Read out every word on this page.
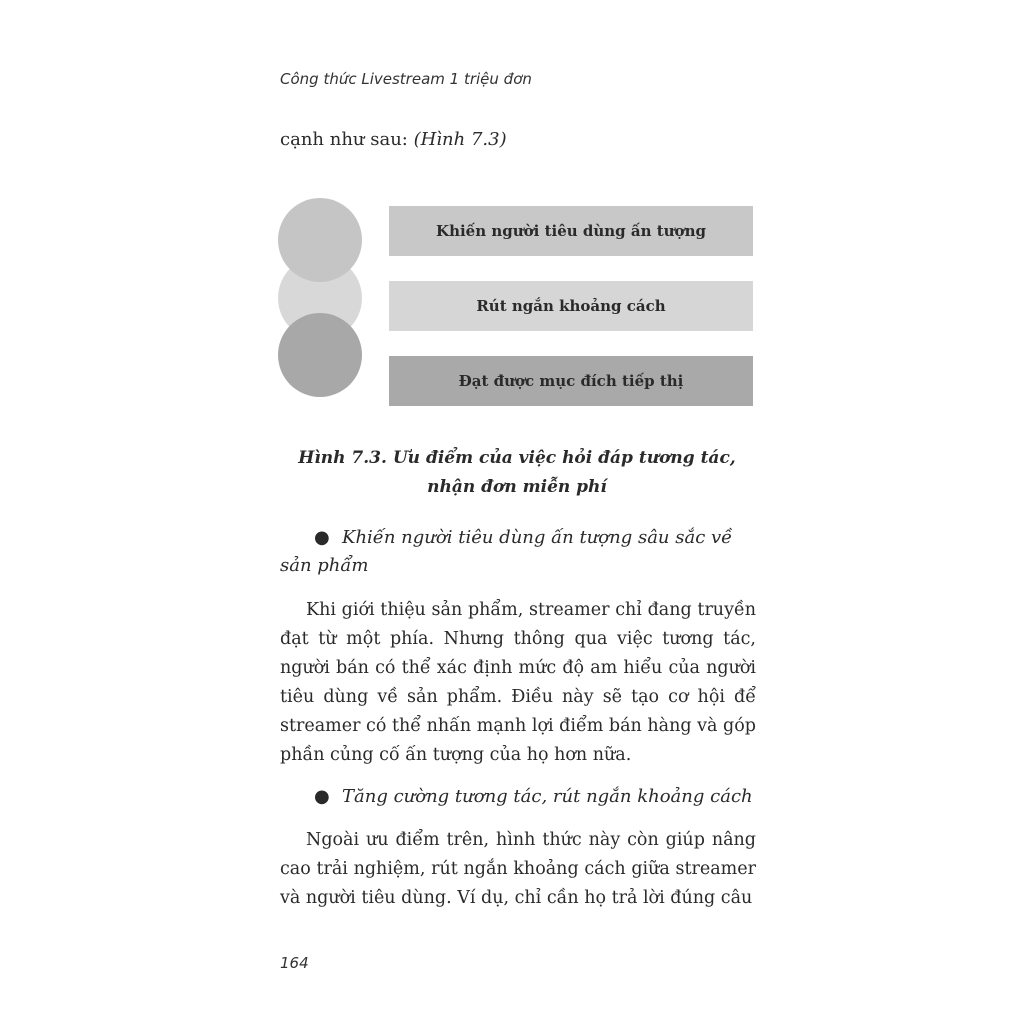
Công thức Livestream 1 triệu đơn
cạnh như sau: (Hình 7.3)
Khiến người tiêu dùng ấn tượng
Rút ngắn khoảng cách
Đạt được mục đích tiếp thị
Hình 7.3. Ưu điểm của việc hỏi đáp tương tác,
nhận đơn miễn phí
● Khiến người tiêu dùng ấn tượng sâu sắc về sản phẩm
Khi giới thiệu sản phẩm, streamer chỉ đang truyền đạt từ một phía. Nhưng thông qua việc tương tác, người bán có thể xác định mức độ am hiểu của người tiêu dùng về sản phẩm. Điều này sẽ tạo cơ hội để streamer có thể nhấn mạnh lợi điểm bán hàng và góp phần củng cố ấn tượng của họ hơn nữa.
● Tăng cường tương tác, rút ngắn khoảng cách
Ngoài ưu điểm trên, hình thức này còn giúp nâng cao trải nghiệm, rút ngắn khoảng cách giữa streamer và người tiêu dùng. Ví dụ, chỉ cần họ trả lời đúng câu
164
